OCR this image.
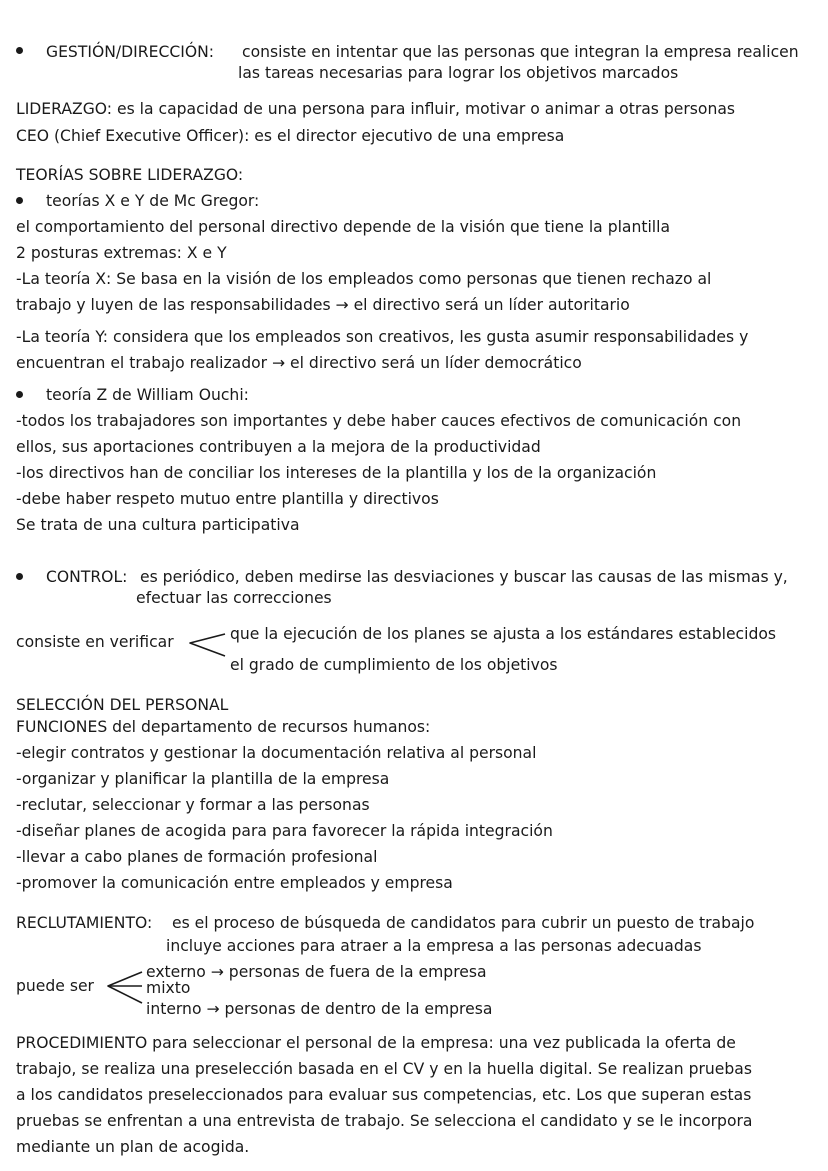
GESTIÓN/DIRECCIÓN: consiste en intentar que las personas que integran la empresa realicen
las tareas necesarias para lograr los objetivos marcados
LIDERAZGO: es la capacidad de una persona para influir, motivar o animar a otras personas
CEO (Chief Executive Officer): es el director ejecutivo de una empresa
TEORÍAS SOBRE LIDERAZGO:
teorías X e Y de Mc Gregor:
el comportamiento del personal directivo depende de la visión que tiene la plantilla
2 posturas extremas: X e Y
-La teoría X: Se basa en la visión de los empleados como personas que tienen rechazo al
trabajo y luyen de las responsabilidades → el directivo será un líder autoritario
-La teoría Y: considera que los empleados son creativos, les gusta asumir responsabilidades y
encuentran el trabajo realizador → el directivo será un líder democrático
teoría Z de William Ouchi:
-todos los trabajadores son importantes y debe haber cauces efectivos de comunicación con
ellos, sus aportaciones contribuyen a la mejora de la productividad
-los directivos han de conciliar los intereses de la plantilla y los de la organización
-debe haber respeto mutuo entre plantilla y directivos
Se trata de una cultura participativa
CONTROL: es periódico, deben medirse las desviaciones y buscar las causas de las mismas y,
efectuar las correcciones
consiste en verificar	que la ejecución de los planes se ajusta a los estándares establecidos
el grado de cumplimiento de los objetivos
SELECCIÓN DEL PERSONAL
FUNCIONES del departamento de recursos humanos:
-elegir contratos y gestionar la documentación relativa al personal
-organizar y planificar la plantilla de la empresa
-reclutar, seleccionar y formar a las personas
-diseñar planes de acogida para para favorecer la rápida integración
-llevar a cabo planes de formación profesional
-promover la comunicación entre empleados y empresa
RECLUTAMIENTO: es el proceso de búsqueda de candidatos para cubrir un puesto de trabajo
incluye acciones para atraer a la empresa a las personas adecuadas
puede ser
externo → personas de fuera de la empresa
mixto
interno → personas de dentro de la empresa
PROCEDIMIENTO para seleccionar el personal de la empresa: una vez publicada la oferta de
trabajo, se realiza una preselección basada en el CV y en la huella digital. Se realizan pruebas
a los candidatos preseleccionados para evaluar sus competencias, etc. Los que superan estas
pruebas se enfrentan a una entrevista de trabajo. Se selecciona el candidato y se le incorpora
mediante un plan de acogida.
